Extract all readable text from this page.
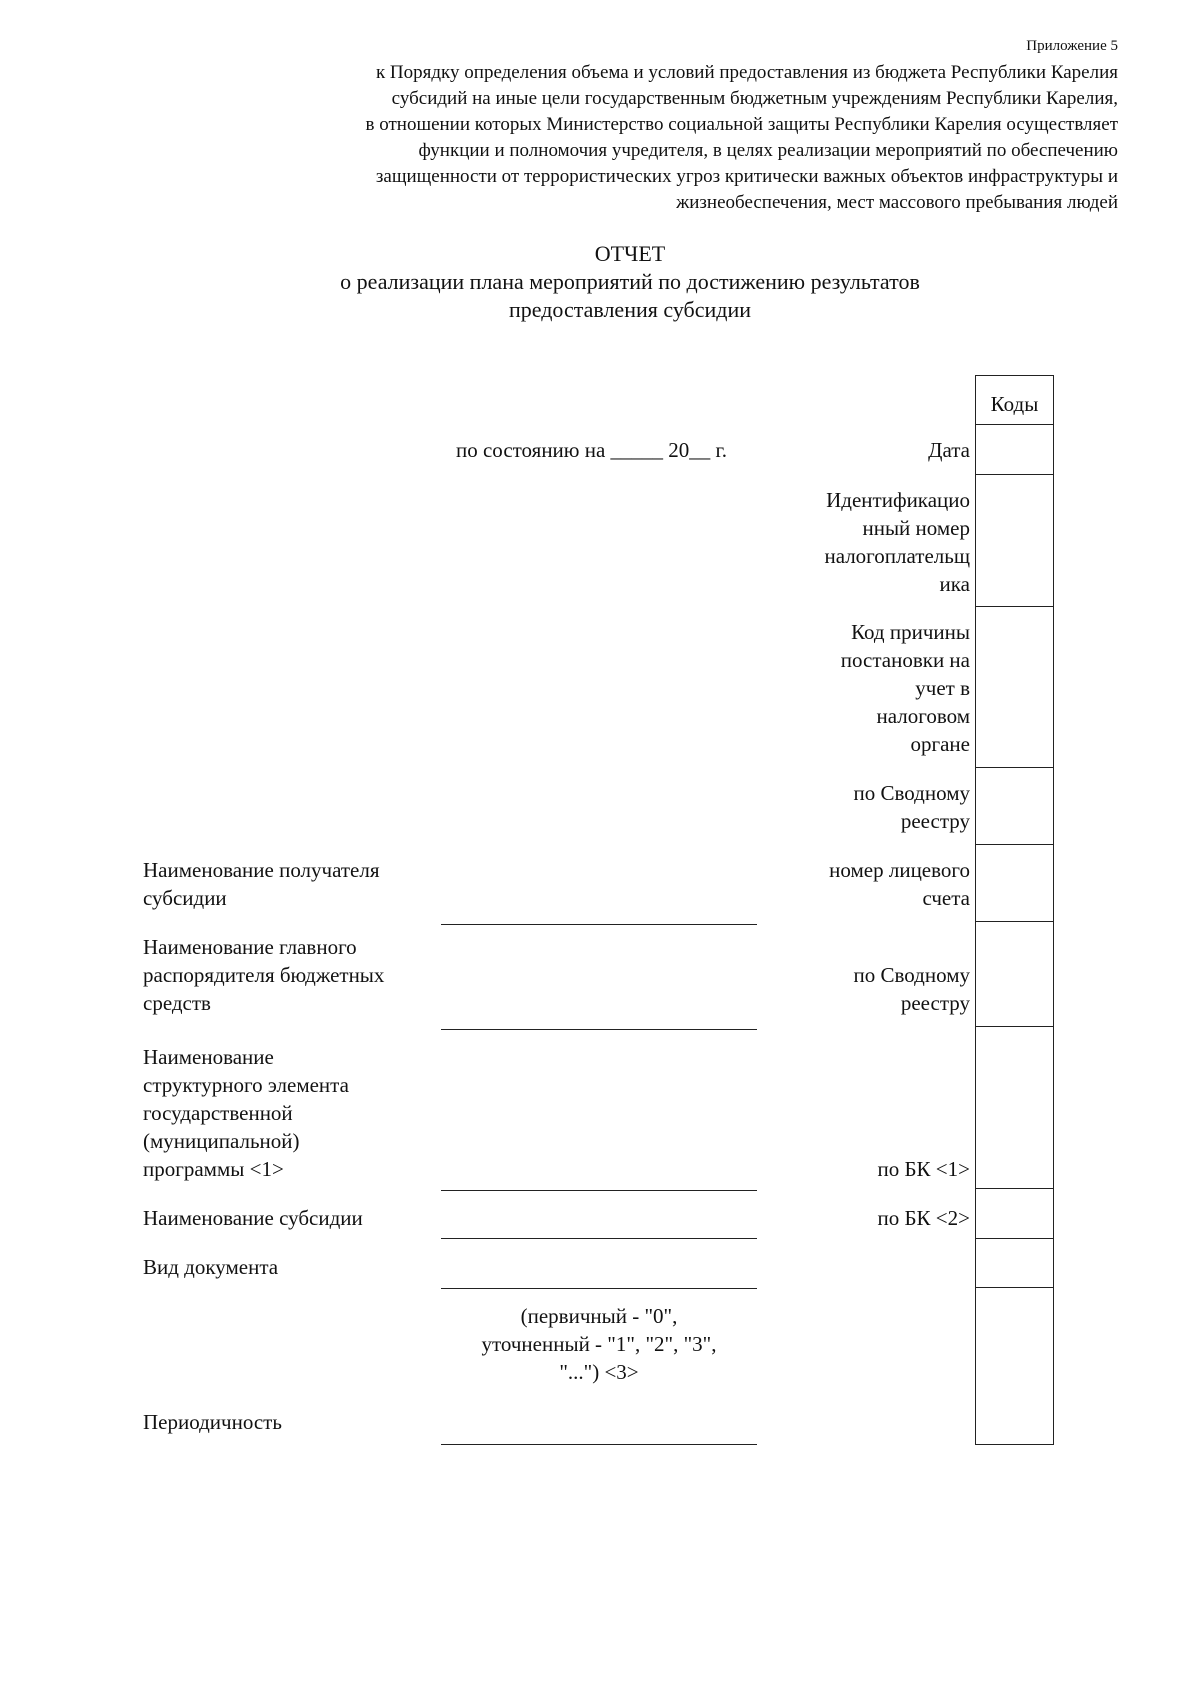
Приложение 5
к Порядку определения объема и условий предоставления из бюджета Республики Карелия
субсидий на иные цели государственным бюджетным учреждениям Республики Карелия,
в отношении которых Министерство социальной защиты Республики Карелия осуществляет
функции и полномочия учредителя, в целях реализации мероприятий по обеспечению
защищенности от террористических угроз критически важных объектов инфраструктуры и
жизнеобеспечения, мест массового пребывания людей
ОТЧЕТ
о реализации плана мероприятий по достижению результатов
предоставления субсидии
Коды
по состоянию на _____ 20__ г.	Дата
Идентификацио
нный номер
налогоплательщ
ика
Код причины
постановки на
учет в
налоговом
органе
по Сводному
реестру
номер лицевого
счета
по Сводному
реестру
по БК <1>
по БК <2>
Наименование получателя
субсидии
Наименование главного
распорядителя бюджетных
средств
Наименование
структурного элемента
государственной
(муниципальной)
программы <1>
Наименование субсидии
Вид документа
(первичный - "0",
уточненный - "1", "2", "3",
"...") <3>
Периодичность
